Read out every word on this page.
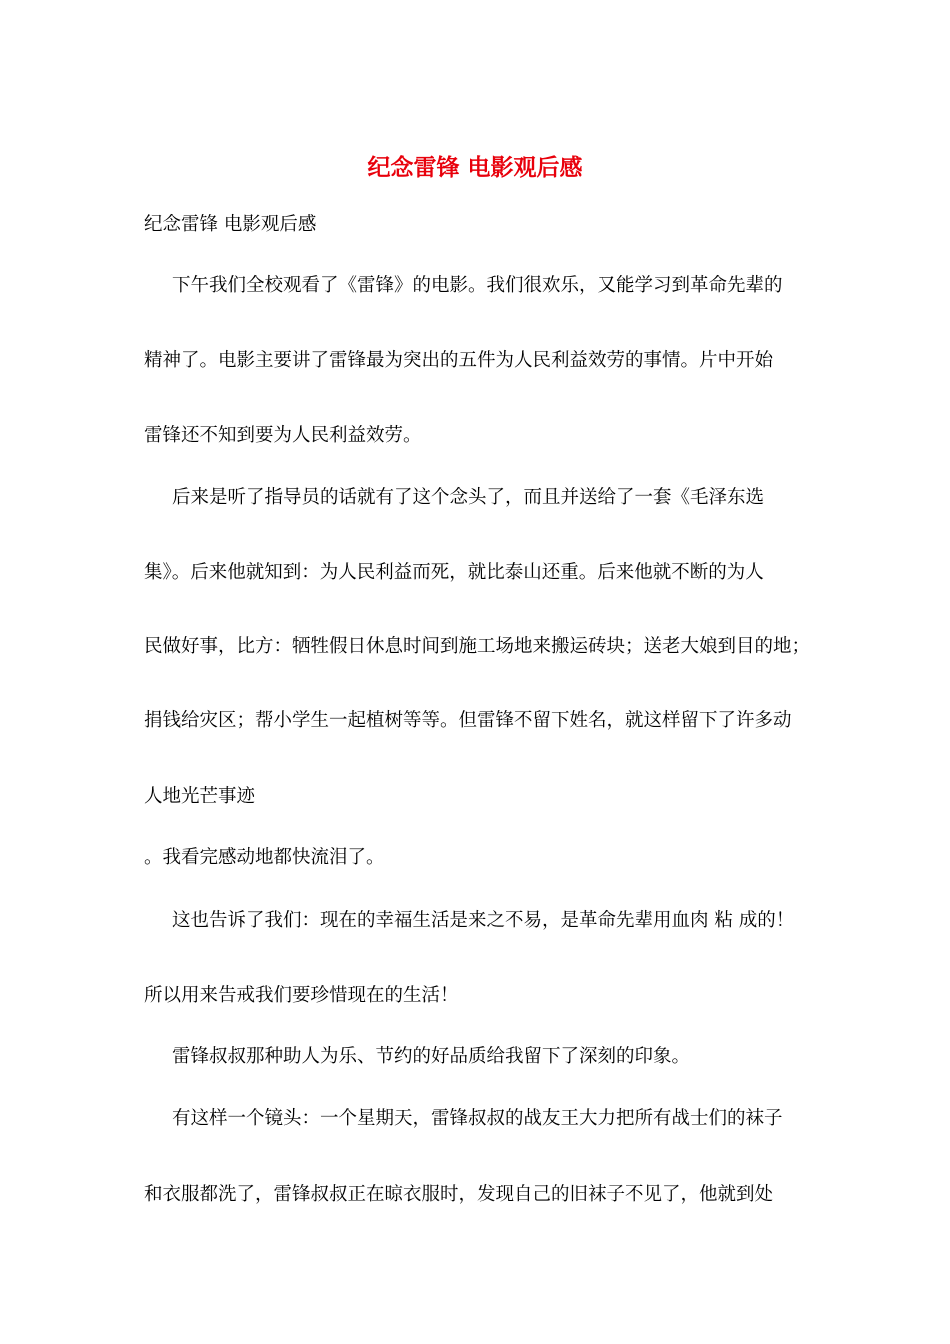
纪念雷锋 电影观后感
纪念雷锋 电影观后感
下午我们全校观看了《雷锋》的电影。我们很欢乐，又能学习到革命先辈的
精神了。电影主要讲了雷锋最为突出的五件为人民利益效劳的事情。片中开始
雷锋还不知到要为人民利益效劳。
后来是听了指导员的话就有了这个念头了，而且并送给了一套《毛泽东选
集》。后来他就知到：为人民利益而死，就比泰山还重。后来他就不断的为人
民做好事，比方：牺牲假日休息时间到施工场地来搬运砖块；送老大娘到目的地；
捐钱给灾区；帮小学生一起植树等等。但雷锋不留下姓名，就这样留下了许多动
人地光芒事迹
。我看完感动地都快流泪了。
这也告诉了我们：现在的幸福生活是来之不易，是革命先辈用血肉 粘 成的！
所以用来告戒我们要珍惜现在的生活！
雷锋叔叔那种助人为乐、节约的好品质给我留下了深刻的印象。
有这样一个镜头：一个星期天，雷锋叔叔的战友王大力把所有战士们的袜子
和衣服都洗了，雷锋叔叔正在晾衣服时，发现自己的旧袜子不见了，他就到处
